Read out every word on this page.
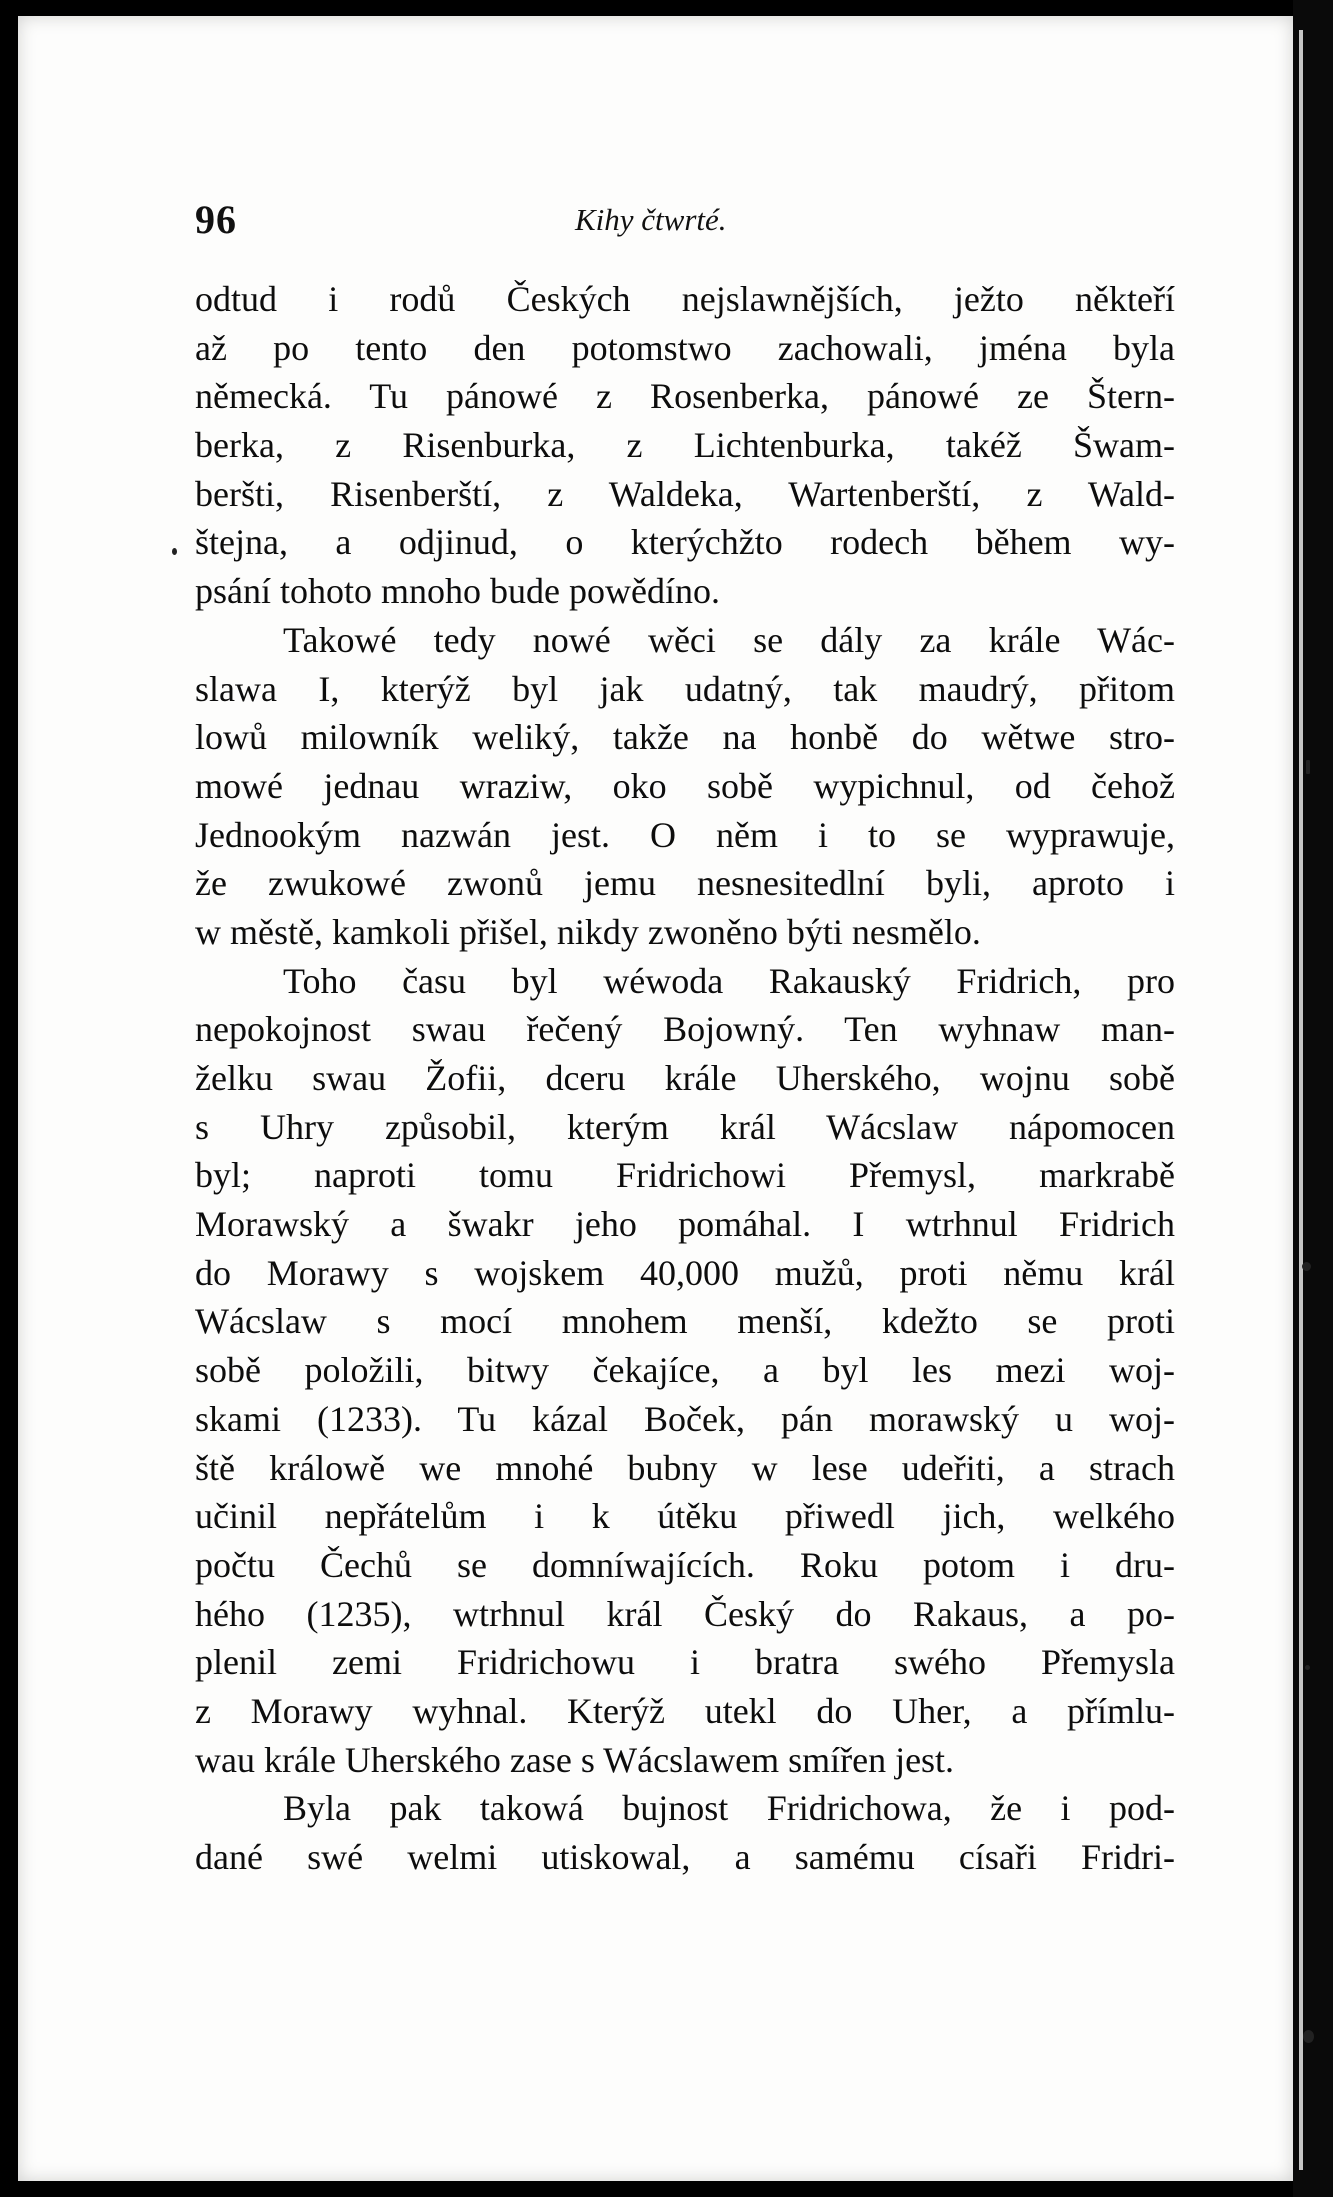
96	Kihy čtwrté.
odtud i rodů Českých nejslawnějších, ježto někteří
až po tento den potomstwo zachowali, jména byla
německá. Tu pánowé z Rosenberka, pánowé ze Štern-
berka, z Risenburka, z Lichtenburka, takéž Šwam-
beršti, Risenberští, z Waldeka, Wartenberští, z Wald-
štejna, a odjinud, o kterýchžto rodech během wy-
psání tohoto mnoho bude powědíno.
Takowé tedy nowé wěci se dály za krále Wác-
slawa I, kterýž byl jak udatný, tak maudrý, přitom
lowů milowník weliký, takže na honbě do wětwe stro-
mowé jednau wraziw, oko sobě wypichnul, od čehož
Jednookým nazwán jest. O něm i to se wyprawuje,
že zwukowé zwonů jemu nesnesitedlní byli, aproto i
w městě, kamkoli přišel, nikdy zwoněno býti nesmělo.
Toho času byl wéwoda Rakauský Fridrich, pro
nepokojnost swau řečený Bojowný. Ten wyhnaw man-
želku swau Žofii, dceru krále Uherského, wojnu sobě
s Uhry způsobil, kterým král Wácslaw nápomocen
byl; naproti tomu Fridrichowi Přemysl, markrabě
Morawský a šwakr jeho pomáhal. I wtrhnul Fridrich
do Morawy s wojskem 40,000 mužů, proti němu král
Wácslaw s mocí mnohem menší, kdežto se proti
sobě položili, bitwy čekajíce, a byl les mezi woj-
skami (1233). Tu kázal Boček, pán morawský u woj-
ště králowě we mnohé bubny w lese udeřiti, a strach
učinil nepřátelům i k útěku přiwedl jich, welkého
počtu Čechů se domníwajících. Roku potom i dru-
hého (1235), wtrhnul král Český do Rakaus, a po-
plenil zemi Fridrichowu i bratra swého Přemysla
z Morawy wyhnal. Kterýž utekl do Uher, a přímlu-
wau krále Uherského zase s Wácslawem smířen jest.
Byla pak takowá bujnost Fridrichowa, že i pod-
dané swé welmi utiskowal, a samému císaři Fridri-
